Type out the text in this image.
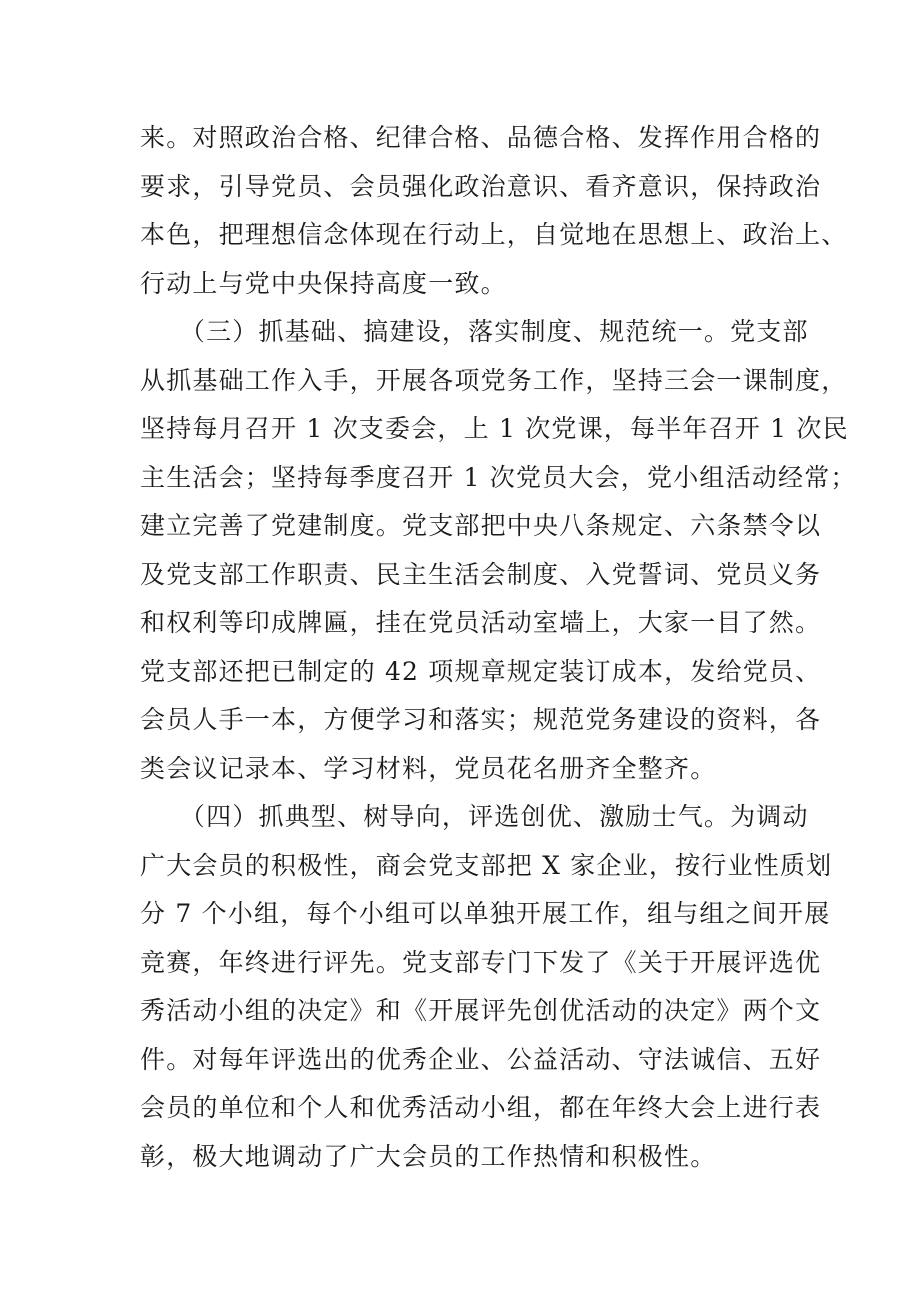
来。对照政治合格、纪律合格、品德合格、发挥作用合格的
要求，引导党员、会员强化政治意识、看齐意识，保持政治
本色，把理想信念体现在行动上，自觉地在思想上、政治上、
行动上与党中央保持高度一致。
　　（三）抓基础、搞建设，落实制度、规范统一。党支部
从抓基础工作入手，开展各项党务工作，坚持三会一课制度，
坚持每月召开 1 次支委会，上 1 次党课，每半年召开 1 次民
主生活会；坚持每季度召开 1 次党员大会，党小组活动经常；
建立完善了党建制度。党支部把中央八条规定、六条禁令以
及党支部工作职责、民主生活会制度、入党誓词、党员义务
和权利等印成牌匾，挂在党员活动室墙上，大家一目了然。
党支部还把已制定的 42 项规章规定装订成本，发给党员、
会员人手一本，方便学习和落实；规范党务建设的资料，各
类会议记录本、学习材料，党员花名册齐全整齐。
　　（四）抓典型、树导向，评选创优、激励士气。为调动
广大会员的积极性，商会党支部把 X 家企业，按行业性质划
分 7 个小组，每个小组可以单独开展工作，组与组之间开展
竞赛，年终进行评先。党支部专门下发了《关于开展评选优
秀活动小组的决定》和《开展评先创优活动的决定》两个文
件。对每年评选出的优秀企业、公益活动、守法诚信、五好
会员的单位和个人和优秀活动小组，都在年终大会上进行表
彰，极大地调动了广大会员的工作热情和积极性。
